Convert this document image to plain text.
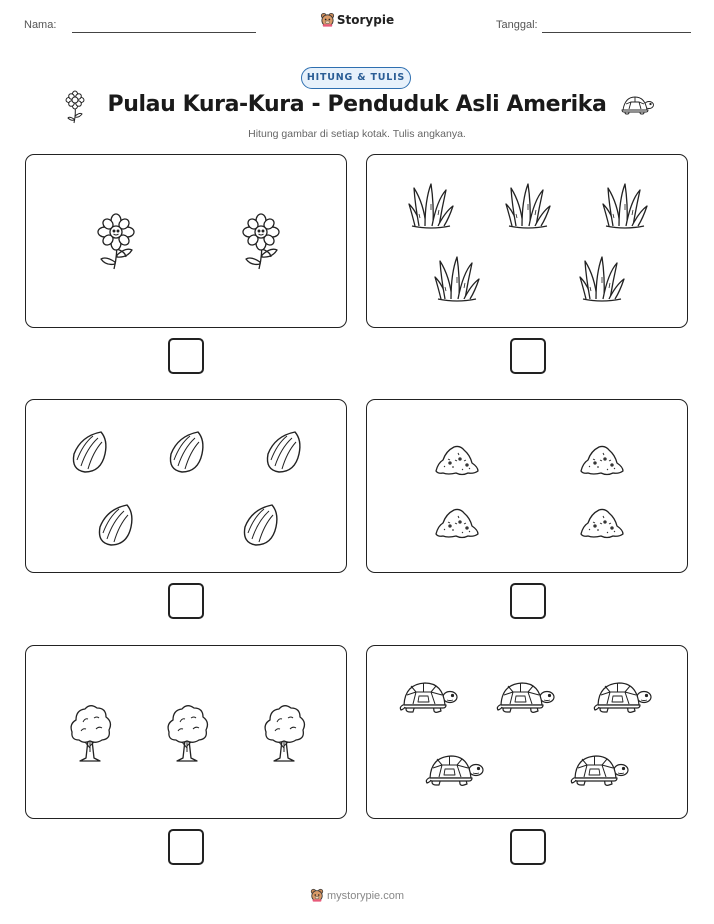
Nama:	Storypie	Tanggal:
HITUNG & TULIS
Pulau Kura-Kura - Penduduk Asli Amerika
Hitung gambar di setiap kotak. Tulis angkanya.
mystorypie.com
